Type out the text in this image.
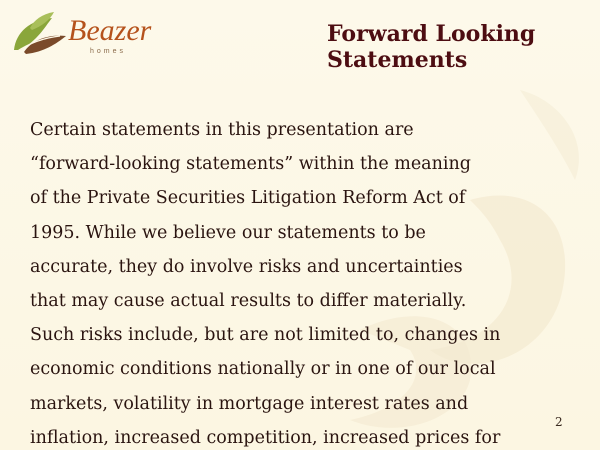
Beazer
homes
Forward Looking
Statements
Certain statements in this presentation are
“forward-looking statements” within the meaning
of the Private Securities Litigation Reform Act of
1995. While we believe our statements to be
accurate, they do involve risks and uncertainties
that may cause actual results to differ materially.
Such risks include, but are not limited to, changes in
economic conditions nationally or in one of our local
markets, volatility in mortgage interest rates and
inflation, increased competition, increased prices for
2
